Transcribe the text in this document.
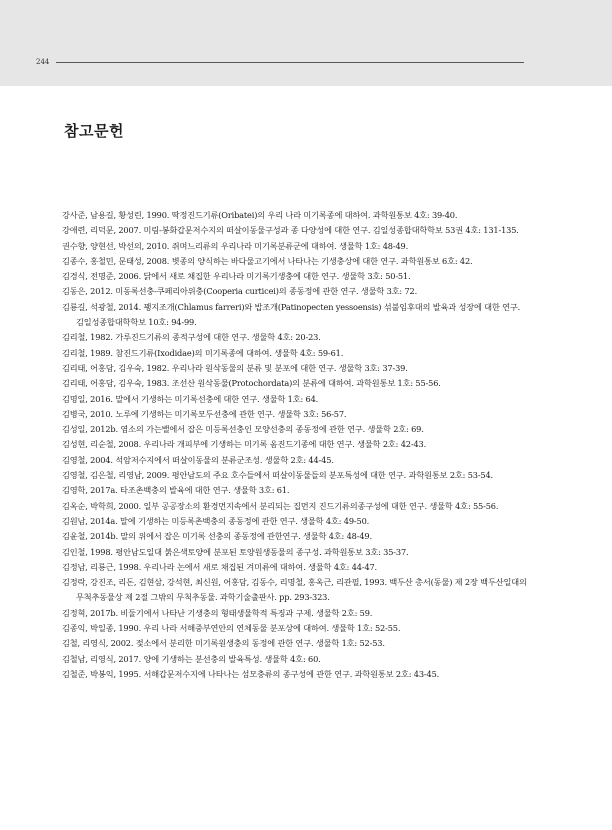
244
참고문헌
강사준, 남용길, 황성린, 1990. 딱정진드기류(Oribatei)의 우리 나라 미기록종에 대하여. 과학원통보 4호: 39-40.
강애련, 리덕문, 2007. 미림-봉화갑문저수지의 떠살이동물구성과 종 다양성에 대한 연구. 김일성종합대학학보 53권 4호: 131-135.
권수향, 양현선, 박선의, 2010. 쥐며느리류의 우리나라 미기록분류군에 대하여. 생물학 1호: 48-49.
김종수, 홍철민, 문태성, 2008. 볏종의 양식하는 바다물고기에서 나타나는 기생충상에 대한 연구. 과학원통보 6호: 42.
김경식, 전명준, 2006. 닭에서 새로 채집한 우리나라 미기록기생충에 대한 연구. 생물학 3호: 50-51.
김동은, 2012. 미동록선충-쿠페리아위충(Cooperia curticei)의 종동정에 관한 연구. 생물학 3호: 72.
김룡길, 석광철, 2014. 꽹지조개(Chlamus farreri)와 밥조개(Patinopecten yessoensis) 섞불임후대의 발육과 성장에 대한 연구. 김일성종합대학학보 10호: 94-99.
김리철, 1982. 가루진드기류의 종적구성에 대한 연구. 생물학 4호: 20-23.
김리철, 1989. 참진드기류(Ixodidae)의 미기록종에 대하여. 생물학 4호: 59-61.
김리태, 어홍담, 김우숙, 1982. 우리나라 원삭동물의 분류 및 분포에 대한 연구. 생물학 3호: 37-39.
김리태, 어홍담, 김우숙, 1983. 조선산 원삭동물(Protochordata)의 분류에 대하여. 과학원통보 1호: 55-56.
김명일, 2016. 말에서 기생하는 미기록선충에 대한 연구. 생물학 1호: 64.
김병국, 2010. 노루에 기생하는 미기록모두선충에 관한 연구. 생물학 3호: 56-57.
김성일, 2012b. 염소의 가는밸에서 잡은 미등록선충인 모양선충의 종동정에 관한 연구. 생물학 2호: 69.
김성현, 리순철, 2008. 우리나라 개피부에 기생하는 미기록 옴진드기종에 대한 연구. 생물학 2호: 42-43.
김영철, 2004. 석암저수지에서 떠살이동물의 분류군조성. 생물학 2호: 44-45.
김영철, 김은철, 리영남, 2009. 평안남도의 주요 호수들에서 떠살이동물들의 분포특성에 대한 연구. 과학원통보 2호: 53-54.
김영학, 2017a. 타조촌백충의 발육에 대한 연구. 생물학 3호: 61.
김옥순, 박학희, 2000. 일부 공공장소의 환경먼지속에서 분리되는 집먼지 진드기류의종구성에 대한 연구. 생물학 4호: 55-56.
김원남, 2014a. 말에 기생하는 미등록촌백충의 종동정에 관한 연구. 생물학 4호: 49-50.
김윤철, 2014b. 말의 위에서 잡은 미기록 선충의 종동정에 관한연구. 생물학 4호: 48-49.
김인철, 1998. 평안남도일대 붉은색토양에 분포된 토양원생동물의 종구성. 과학원통보 3호: 35-37.
김정남, 리룡근, 1998. 우리나라 논에서 새로 채집된 겨미류에 대하여. 생물학 4호: 44-47.
김정락, 강진조, 리돈, 김현삼, 강석현, 최신원, 어홍담, 김동수, 리명철, 홍옥근, 리관필, 1993. 백두산 총서(동물) 제 2장 백두산일대의 무척추동물상 제 2절 그밖의 무척추동물. 과학기술출판사. pp. 293-323.
김정혁, 2017b. 비둘기에서 나타난 기생충의 형태생물학적 특징과 구제. 생물학 2호: 59.
김종익, 박일종, 1990. 우리 나라 서해중부연안의 연체동물 분포상에 대하여. 생물학 1호: 52-55.
김철, 리영식, 2002. 젖소에서 분리한 미기록원생충의 동정에 관한 연구. 생물학 1호: 52-53.
김철남, 리영식, 2017. 양에 기생하는 분선충의 발육특성. 생물학 4호: 60.
김철준, 박봉익, 1995. 서해갑문저수지에 나타나는 섬모충류의 종구성에 관한 연구. 과학원통보 2호: 43-45.
